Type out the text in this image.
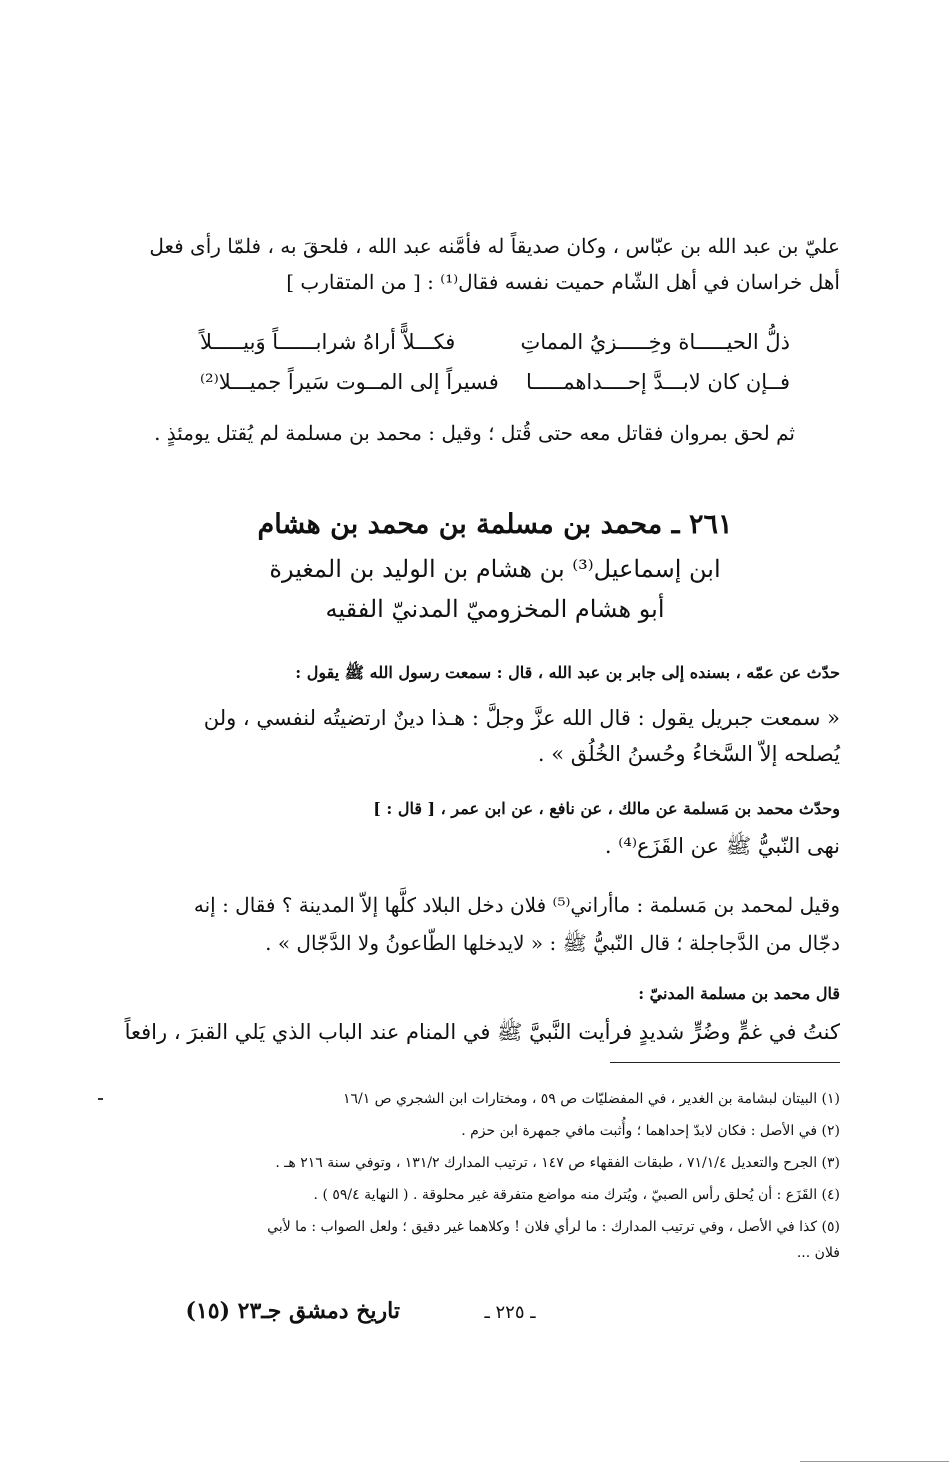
عليّ بن عبد الله بن عبّاس ، وكان صديقاً له فأمَّنه عبد الله ، فلحقَ به ، فلمّا رأى فعل
أهل خراسان في أهل الشّام حميت نفسه فقال⁽¹⁾ : [ من المتقارب ]
ذلُّ الحيـــــاة وخِـــــزيُ المماتِ
فكـــلاًّ أراهُ شرابــــــاً وَبيـــــلاً
فــإن كان لابـــدَّ إحــــداهمـــــا
فسيراً إلى المــوت سَيراً جميـــلا⁽²⁾
ثم لحق بمروان فقاتل معه حتى قُتل ؛ وقيل : محمد بن مسلمة لم يُقتل يومئذٍ .
٢٦١ ـ محمد بن مسلمة بن محمد بن هشام
ابن إسماعيل⁽³⁾ بن هشام بن الوليد بن المغيرة
أبو هشام المخزوميّ المدنيّ الفقيه
حدّث عن عمّه ، بسنده إلى جابر بن عبد الله ، قال : سمعت رسول الله ﷺ يقول :
« سمعت جبريل يقول : قال الله عزَّ وجلَّ : هـذا دينٌ ارتضيتُه لنفسي ، ولن
يُصلحه إلاّ السَّخاءُ وحُسنُ الخُلُق » .
وحدّث محمد بن مَسلمة عن مالك ، عن نافع ، عن ابن عمر ، [ قال : ]
نهى النّبيُّ ﷺ عن القَزَع⁽⁴⁾ .
وقيل لمحمد بن مَسلمة : ماأراني⁽⁵⁾ فلان دخل البلاد كلَّها إلاّ المدينة ؟ فقال : إنه
دجّال من الدَّجاجلة ؛ قال النّبيُّ ﷺ : « لايدخلها الطّاعونُ ولا الدَّجّال » .
قال محمد بن مسلمة المدنيّ :
كنتُ في غمٍّ وضُرٍّ شديدٍ فرأيت النَّبيَّ ﷺ في المنام عند الباب الذي يَلي القبرَ ، رافعاً
(١) البيتان لبشامة بن الغدير ، في المفضليّات ص ٥٩ ، ومختارات ابن الشجري ص ١٦/١
(٢) في الأصل : فكان لابدّ إحداهما ؛ وأُثبت مافي جمهرة ابن حزم .
(٣) الجرح والتعديل ٧١/١/٤ ، طبقات الفقهاء ص ١٤٧ ، ترتيب المدارك ١٣١/٢ ، وتوفي سنة ٢١٦ هـ .
(٤) القَزَع : أن يُحلق رأس الصبيّ ، ويُترك منه مواضع متفرقة غير محلوقة . ( النهاية ٥٩/٤ ) .
(٥) كذا في الأصل ، وفي ترتيب المدارك : ما لرأي فلان ! وكلاهما غير دقيق ؛ ولعل الصواب : ما لأبي
فلان ...
ـ ٢٢٥ ـ
تاريخ دمشق جـ٢٣ (١٥)
